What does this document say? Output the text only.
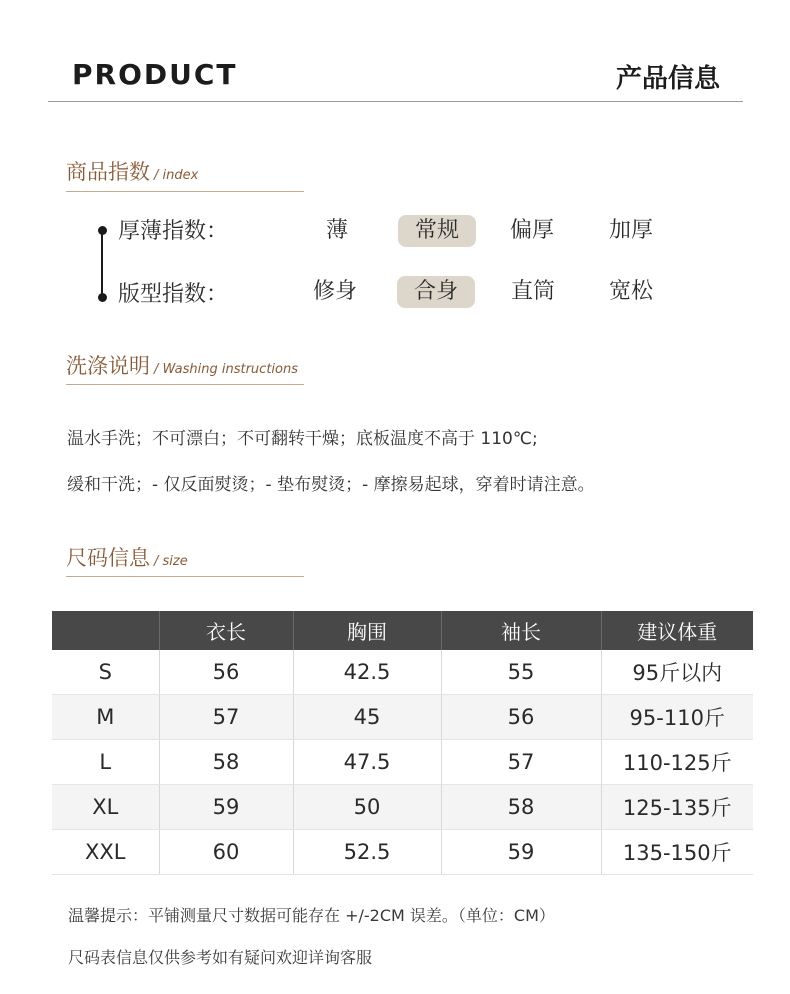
PRODUCT	产品信息
商品指数 / index
厚薄指数：	薄	常规	偏厚	加厚
版型指数：	修身	合身	直筒	宽松
洗涤说明 / Washing instructions
温水手洗；不可漂白；不可翻转干燥；底板温度不高于 110℃;
缓和干洗；- 仅反面熨烫；- 垫布熨烫；- 摩擦易起球，穿着时请注意。
尺码信息 / size
	衣长	胸围	袖长	建议体重
S	56	42.5	55	95斤以内
M	57	45	56	95-110斤
L	58	47.5	57	110-125斤
XL	59	50	58	125-135斤
XXL	60	52.5	59	135-150斤
温馨提示：平铺测量尺寸数据可能存在 +/-2CM 误差。（单位：CM）
尺码表信息仅供参考如有疑问欢迎详询客服
